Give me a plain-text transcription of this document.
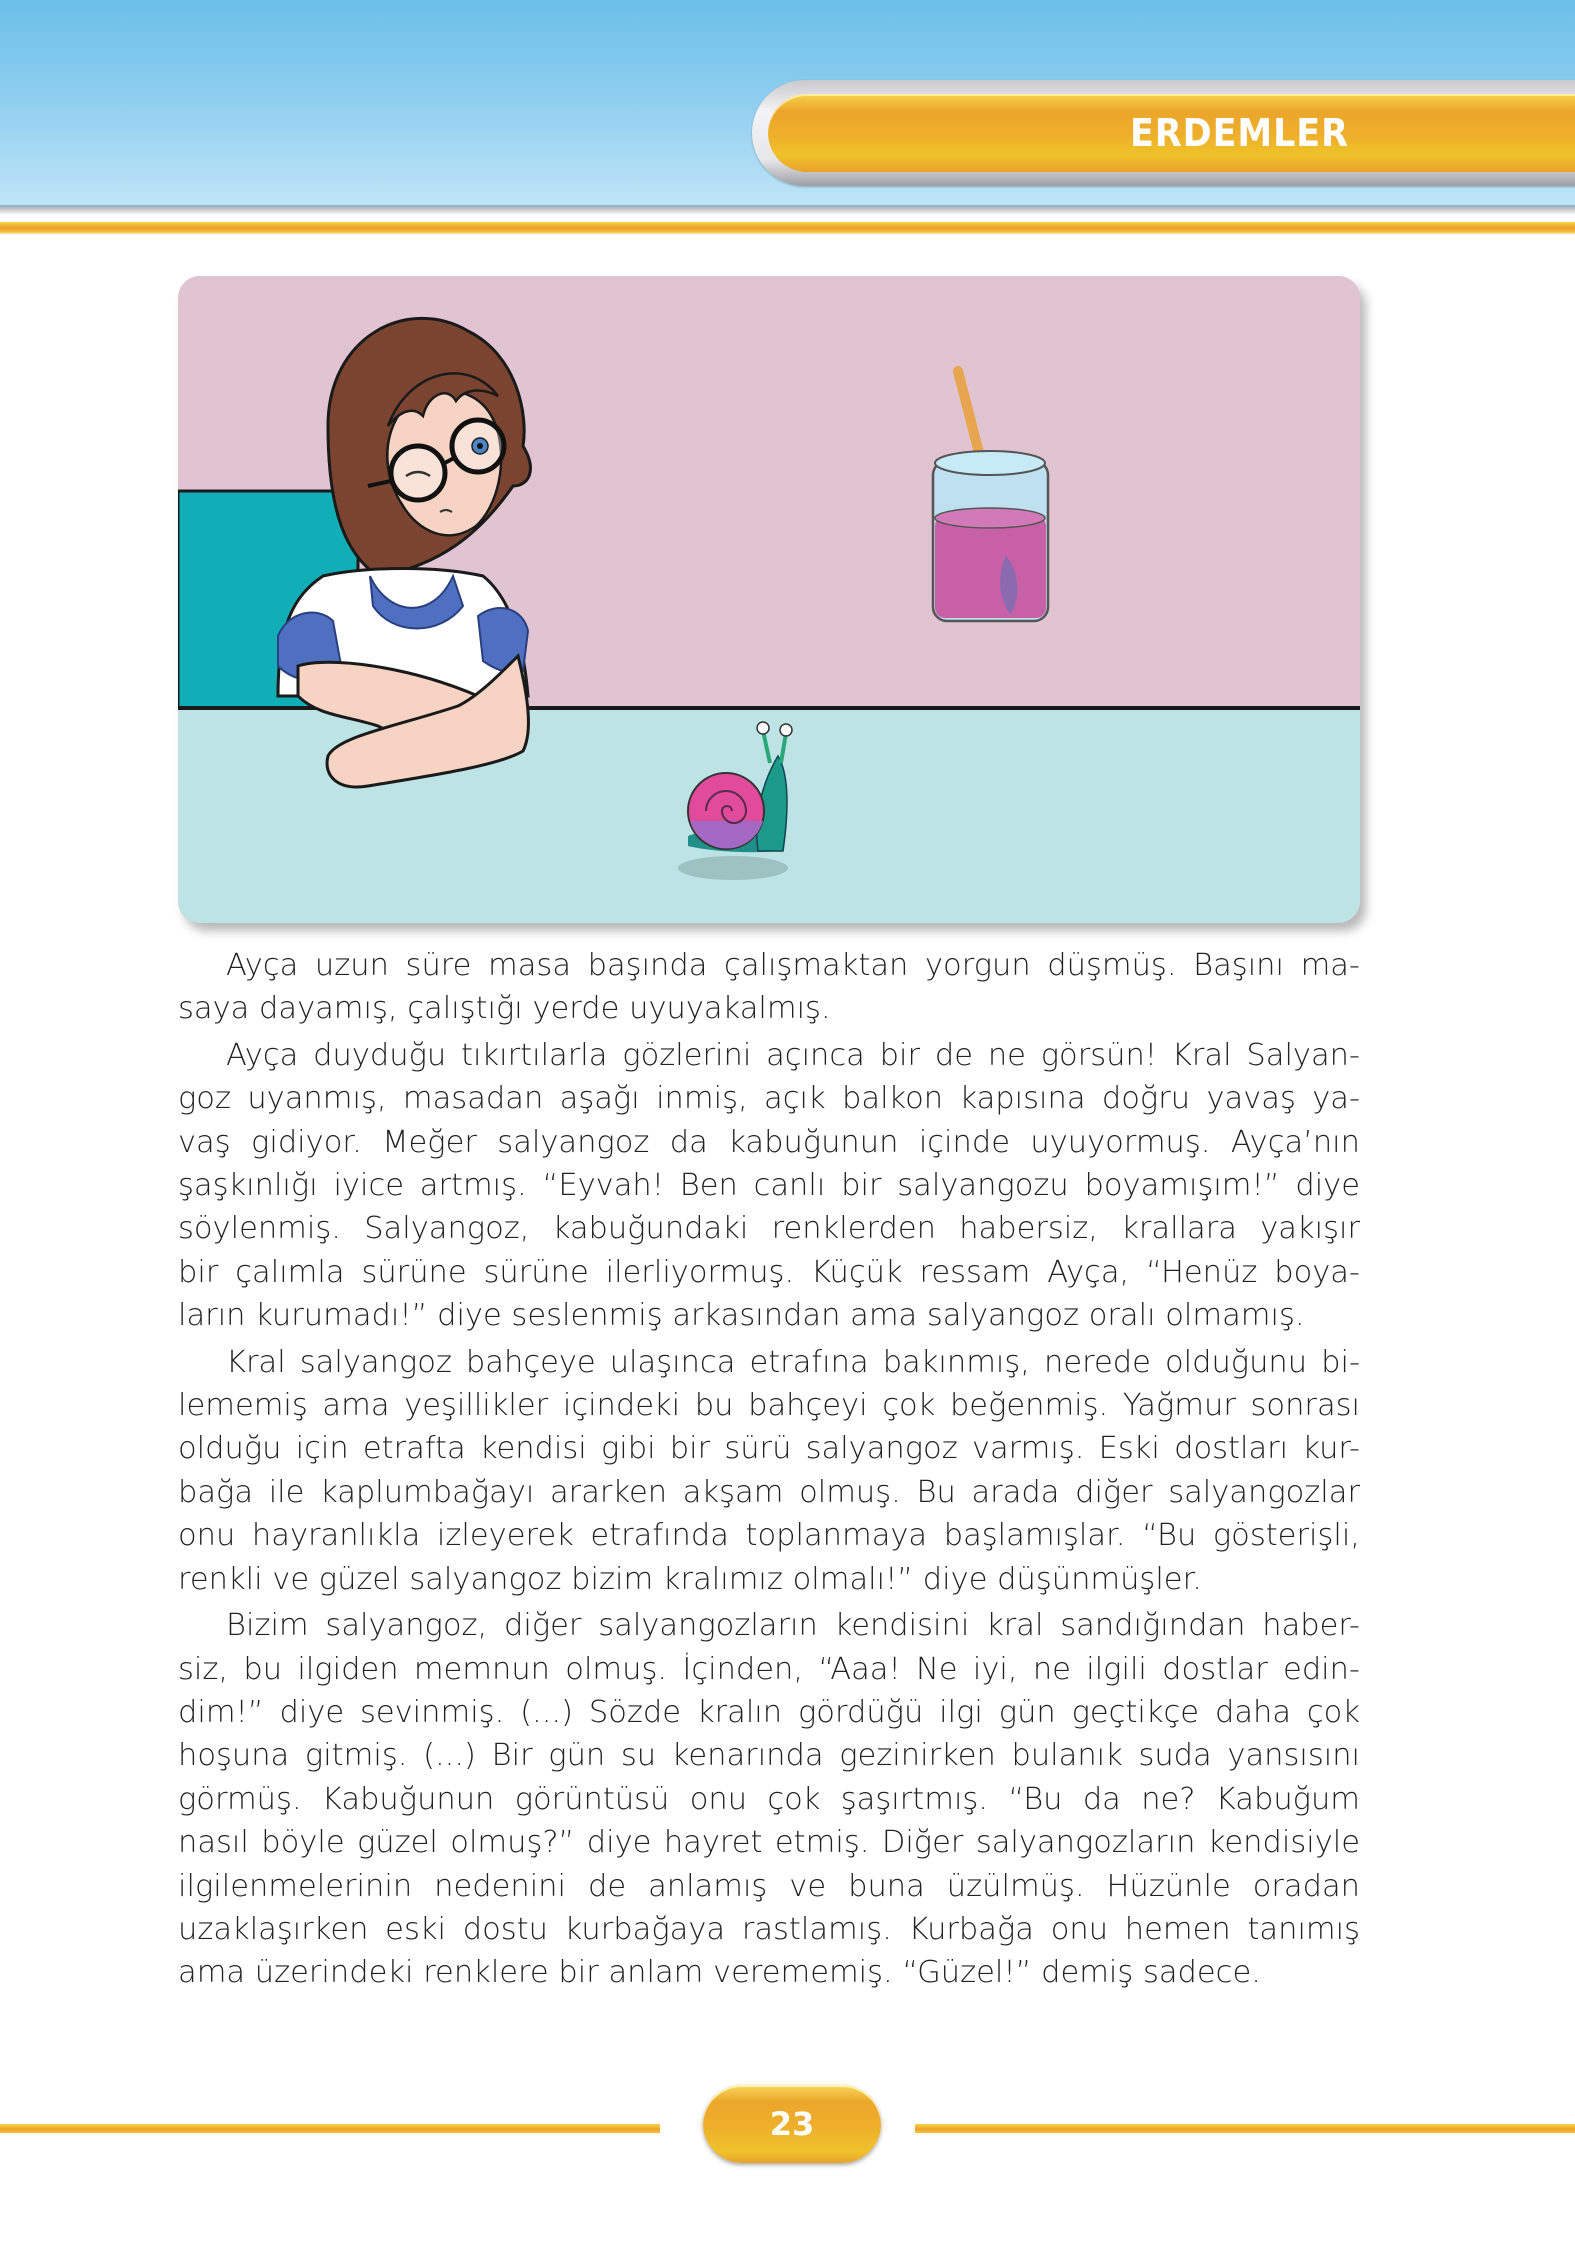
ERDEMLER

Ayça uzun süre masa başında çalışmaktan yorgun düşmüş. Başını ma-
saya dayamış, çalıştığı yerde uyuyakalmış.

Ayça duyduğu tıkırtılarla gözlerini açınca bir de ne görsün! Kral Salyan-
goz uyanmış, masadan aşağı inmiş, açık balkon kapısına doğru yavaş ya-
vaş gidiyor. Meğer salyangoz da kabuğunun içinde uyuyormuş. Ayça’nın
şaşkınlığı iyice artmış. “Eyvah! Ben canlı bir salyangozu boyamışım!” diye
söylenmiş. Salyangoz, kabuğundaki renklerden habersiz, krallara yakışır
bir çalımla sürüne sürüne ilerliyormuş. Küçük ressam Ayça, “Henüz boya-
ların kurumadı!” diye seslenmiş arkasından ama salyangoz oralı olmamış.

Kral salyangoz bahçeye ulaşınca etrafına bakınmış, nerede olduğunu bi-
lememiş ama yeşillikler içindeki bu bahçeyi çok beğenmiş. Yağmur sonrası
olduğu için etrafta kendisi gibi bir sürü salyangoz varmış. Eski dostları kur-
bağa ile kaplumbağayı ararken akşam olmuş. Bu arada diğer salyangozlar
onu hayranlıkla izleyerek etrafında toplanmaya başlamışlar. “Bu gösterişli,
renkli ve güzel salyangoz bizim kralımız olmalı!” diye düşünmüşler.

Bizim salyangoz, diğer salyangozların kendisini kral sandığından haber-
siz, bu ilgiden memnun olmuş. İçinden, “Aaa! Ne iyi, ne ilgili dostlar edin-
dim!” diye sevinmiş. (...) Sözde kralın gördüğü ilgi gün geçtikçe daha çok
hoşuna gitmiş. (...) Bir gün su kenarında gezinirken bulanık suda yansısını
görmüş. Kabuğunun görüntüsü onu çok şaşırtmış. “Bu da ne? Kabuğum
nasıl böyle güzel olmuş?” diye hayret etmiş. Diğer salyangozların kendisiyle
ilgilenmelerinin nedenini de anlamış ve buna üzülmüş. Hüzünle oradan
uzaklaşırken eski dostu kurbağaya rastlamış. Kurbağa onu hemen tanımış
ama üzerindeki renklere bir anlam verememiş. “Güzel!” demiş sadece.

23
